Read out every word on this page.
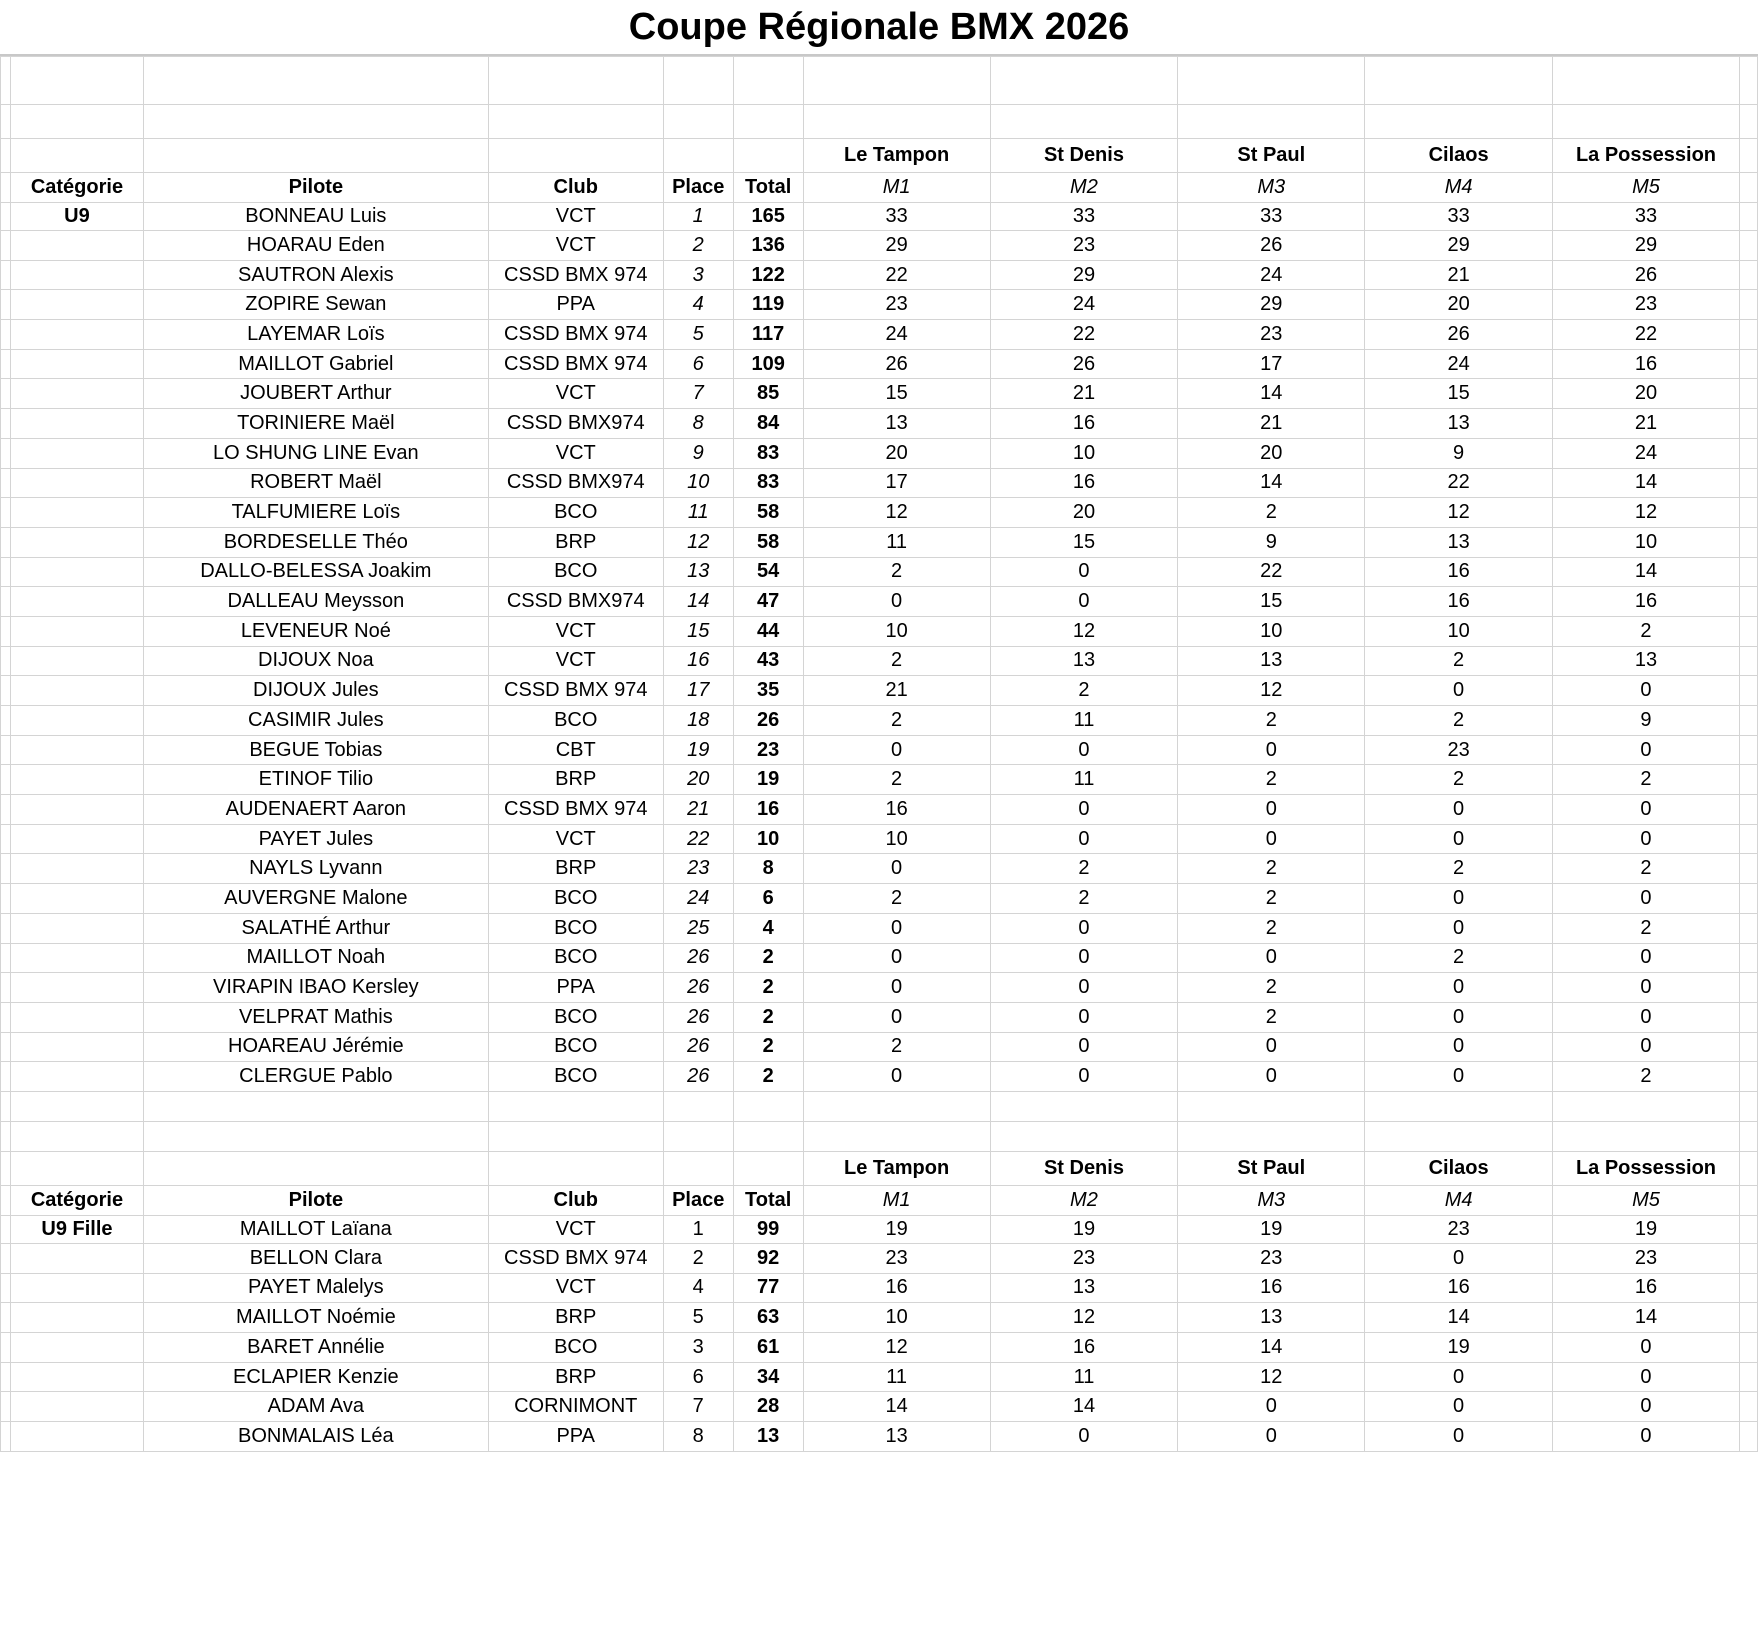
Coupe Régionale BMX 2026

						Le Tampon	St Denis	St Paul	Cilaos	La Possession	
	Catégorie	Pilote	Club	Place	Total	M1	M2	M3	M4	M5	
	U9	BONNEAU Luis	VCT	1	165	33	33	33	33	33	
		HOARAU Eden	VCT	2	136	29	23	26	29	29	
		SAUTRON Alexis	CSSD BMX 974	3	122	22	29	24	21	26	
		ZOPIRE Sewan	PPA	4	119	23	24	29	20	23	
		LAYEMAR Loïs	CSSD BMX 974	5	117	24	22	23	26	22	
		MAILLOT Gabriel	CSSD BMX 974	6	109	26	26	17	24	16	
		JOUBERT Arthur	VCT	7	85	15	21	14	15	20	
		TORINIERE Maël	CSSD BMX974	8	84	13	16	21	13	21	
		LO SHUNG LINE Evan	VCT	9	83	20	10	20	9	24	
		ROBERT Maël	CSSD BMX974	10	83	17	16	14	22	14	
		TALFUMIERE Loïs	BCO	11	58	12	20	2	12	12	
		BORDESELLE Théo	BRP	12	58	11	15	9	13	10	
		DALLO-BELESSA Joakim	BCO	13	54	2	0	22	16	14	
		DALLEAU Meysson	CSSD BMX974	14	47	0	0	15	16	16	
		LEVENEUR Noé	VCT	15	44	10	12	10	10	2	
		DIJOUX Noa	VCT	16	43	2	13	13	2	13	
		DIJOUX Jules	CSSD BMX 974	17	35	21	2	12	0	0	
		CASIMIR Jules	BCO	18	26	2	11	2	2	9	
		BEGUE Tobias	CBT	19	23	0	0	0	23	0	
		ETINOF Tilio	BRP	20	19	2	11	2	2	2	
		AUDENAERT Aaron	CSSD BMX 974	21	16	16	0	0	0	0	
		PAYET Jules	VCT	22	10	10	0	0	0	0	
		NAYLS Lyvann	BRP	23	8	0	2	2	2	2	
		AUVERGNE Malone	BCO	24	6	2	2	2	0	0	
		SALATHÉ Arthur	BCO	25	4	0	0	2	0	2	
		MAILLOT Noah	BCO	26	2	0	0	0	2	0	
		VIRAPIN IBAO Kersley	PPA	26	2	0	0	2	0	0	
		VELPRAT Mathis	BCO	26	2	0	0	2	0	0	
		HOAREAU Jérémie	BCO	26	2	2	0	0	0	0	
		CLERGUE Pablo	BCO	26	2	0	0	0	0	2	

						Le Tampon	St Denis	St Paul	Cilaos	La Possession	
	Catégorie	Pilote	Club	Place	Total	M1	M2	M3	M4	M5	
	U9 Fille	MAILLOT Laïana	VCT	1	99	19	19	19	23	19	
		BELLON Clara	CSSD BMX 974	2	92	23	23	23	0	23	
		PAYET Malelys	VCT	4	77	16	13	16	16	16	
		MAILLOT Noémie	BRP	5	63	10	12	13	14	14	
		BARET Annélie	BCO	3	61	12	16	14	19	0	
		ECLAPIER Kenzie	BRP	6	34	11	11	12	0	0	
		ADAM Ava	CORNIMONT	7	28	14	14	0	0	0	
		BONMALAIS Léa	PPA	8	13	13	0	0	0	0	
